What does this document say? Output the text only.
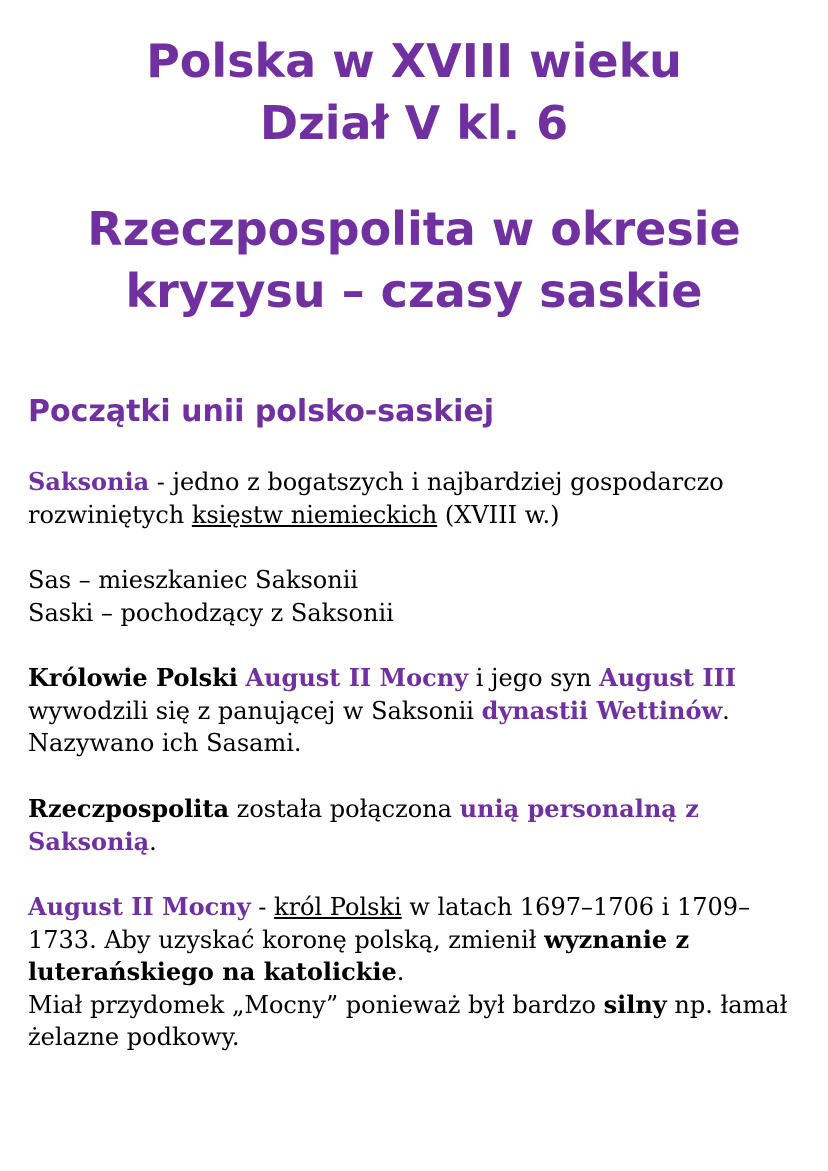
Polska w XVIII wieku
Dział V kl. 6
Rzeczpospolita w okresie
kryzysu – czasy saskie
Początki unii polsko-saskiej

Saksonia - jedno z bogatszych i najbardziej gospodarczo rozwiniętych księstw niemieckich (XVIII w.)

Sas – mieszkaniec Saksonii
Saski – pochodzący z Saksonii

Królowie Polski August II Mocny i jego syn August III wywodzili się z panującej w Saksonii dynastii Wettinów. Nazywano ich Sasami.

Rzeczpospolita została połączona unią personalną z Saksonią.

August II Mocny - król Polski w latach 1697–1706 i 1709–1733. Aby uzyskać koronę polską, zmienił wyznanie z luterańskiego na katolickie.
Miał przydomek „Mocny” ponieważ był bardzo silny np. łamał żelazne podkowy.
